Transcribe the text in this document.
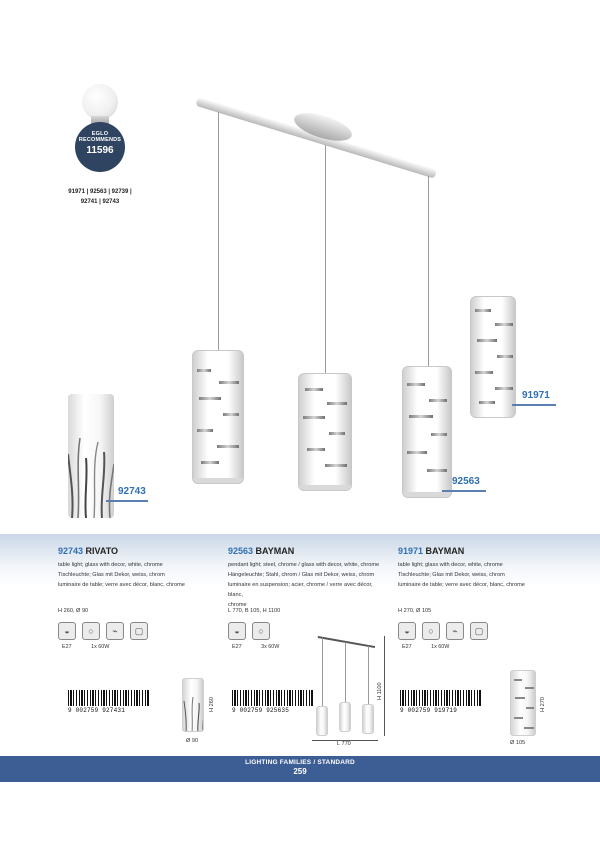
EGLO
RECOMMENDS
11596
91971 | 92563 | 92739 |
92741 | 92743
92743
92563
91971
92743 RIVATO
table light; glass with decor, white, chrome
Tischleuchte; Glas mit Dekor, weiss, chrom
luminaire de table; verre avec décor, blanc, chrome
H 260, Ø 90
◒	○	⌁	▢
E27	1x 60W
92563 BAYMAN
pendant light; steel, chrome / glass with decor, white, chrome
Hängeleuchte; Stahl, chrom / Glas mit Dekor, weiss, chrom
luminaire en suspension; acier, chrome / verre avec décor, blanc,
chrome
L 770, B 105, H 1100
◒	○
E27	3x 60W
91971 BAYMAN
table light; glass with decor, white, chrome
Tischleuchte; Glas mit Dekor, weiss, chrom
luminaire de table; verre avec décor, blanc, chrome
H 270, Ø 105
◒	○	⌁	▢
E27	1x 60W
9 002759 927431	9 002759 925635	9 002759 919719
H 260
Ø 90
H 1100
L 770
H 270
Ø 105
LIGHTING FAMILIES / STANDARD
259
